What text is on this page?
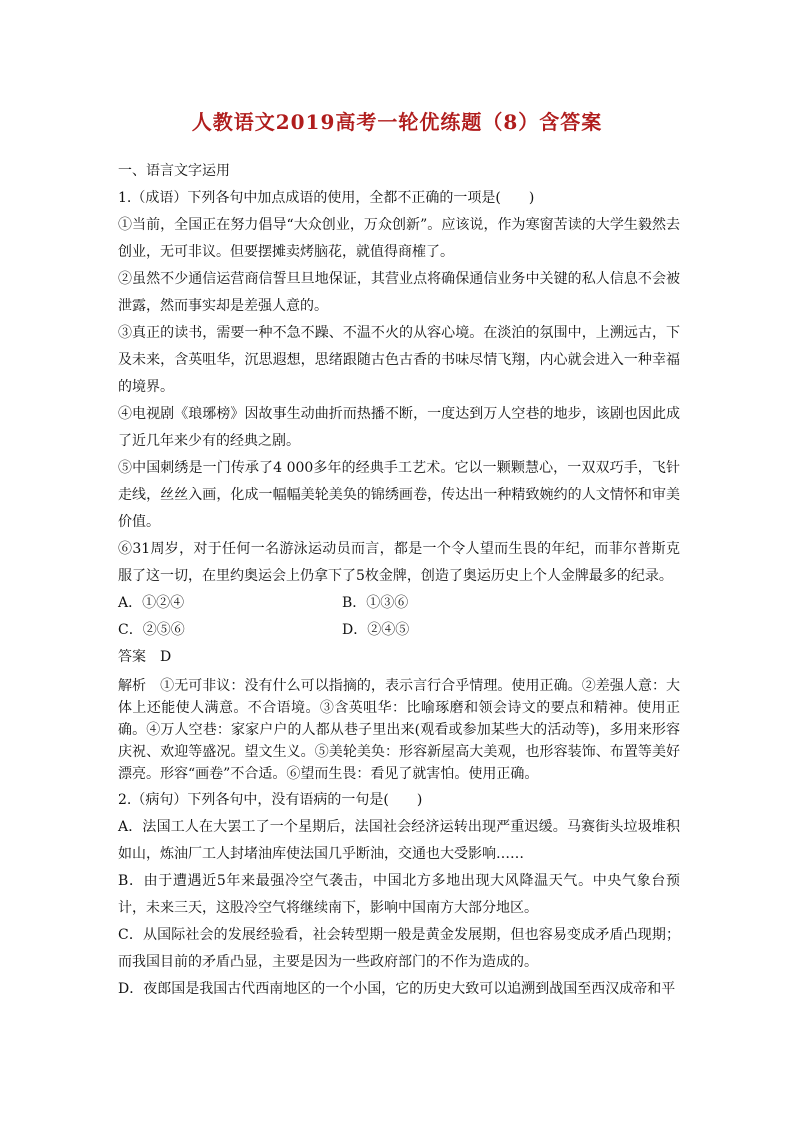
人教语文2019高考一轮优练题（8）含答案

一、语言文字运用

1.（成语）下列各句中加点成语的使用，全都不正确的一项是(　　)

①当前，全国正在努力倡导“大众创业，万众创新”。应该说，作为寒窗苦读的大学生毅然去创业，无可非议。但要摆摊卖烤脑花，就值得商榷了。

②虽然不少通信运营商信誓旦旦地保证，其营业点将确保通信业务中关键的私人信息不会被泄露，然而事实却是差强人意的。

③真正的读书，需要一种不急不躁、不温不火的从容心境。在淡泊的氛围中，上溯远古，下及未来，含英咀华，沉思遐想，思绪跟随古色古香的书味尽情飞翔，内心就会进入一种幸福的境界。

④电视剧《琅琊榜》因故事生动曲折而热播不断，一度达到万人空巷的地步，该剧也因此成了近几年来少有的经典之剧。

⑤中国刺绣是一门传承了4 000多年的经典手工艺术。它以一颗颗慧心，一双双巧手，飞针走线，丝丝入画，化成一幅幅美轮美奂的锦绣画卷，传达出一种精致婉约的人文情怀和审美价值。

⑥31周岁，对于任何一名游泳运动员而言，都是一个令人望而生畏的年纪，而菲尔普斯克服了这一切，在里约奥运会上仍拿下了5枚金牌，创造了奥运历史上个人金牌最多的纪录。

A．①②④	B．①③⑥
C．②⑤⑥	D．②④⑤

答案　D

解析　①无可非议：没有什么可以指摘的，表示言行合乎情理。使用正确。②差强人意：大体上还能使人满意。不合语境。③含英咀华：比喻琢磨和领会诗文的要点和精神。使用正确。④万人空巷：家家户户的人都从巷子里出来(观看或参加某些大的活动等)，多用来形容庆祝、欢迎等盛况。望文生义。⑤美轮美奂：形容新屋高大美观，也形容装饰、布置等美好漂亮。形容“画卷”不合适。⑥望而生畏：看见了就害怕。使用正确。

2.（病句）下列各句中，没有语病的一句是(　　)

A．法国工人在大罢工了一个星期后，法国社会经济运转出现严重迟缓。马赛街头垃圾堆积如山，炼油厂工人封堵油库使法国几乎断油，交通也大受影响……

B．由于遭遇近5年来最强冷空气袭击，中国北方多地出现大风降温天气。中央气象台预计，未来三天，这股冷空气将继续南下，影响中国南方大部分地区。

C．从国际社会的发展经验看，社会转型期一般是黄金发展期，但也容易变成矛盾凸现期；而我国目前的矛盾凸显，主要是因为一些政府部门的不作为造成的。

D．夜郎国是我国古代西南地区的一个小国，它的历史大致可以追溯到战国至西汉成帝和平
